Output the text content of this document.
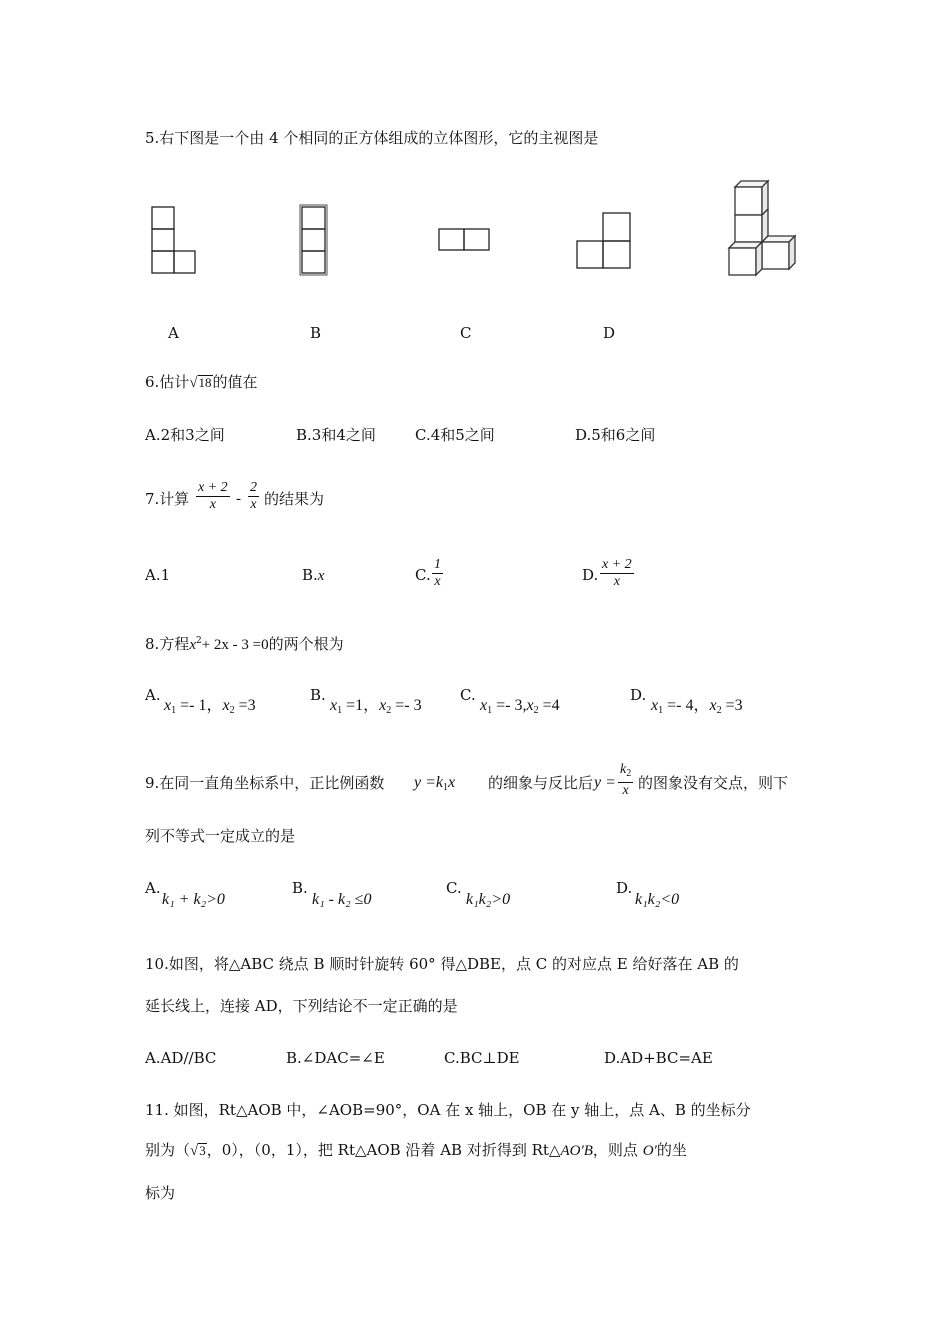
5.右下图是一个由 4 个相同的正方体组成的立体图形，它的主视图是
A	B	C	D
6.估计√18的值在
A.2和3之间	B.3和4之间	C.4和5之间	D.5和6之间
7.计算 $\frac{x + 2}{x} - \frac{2}{x}$ 的结果为
A.1	B.x	C. $\frac{1}{x}$	D. $\frac{x + 2}{x}$
8.方程$x^2+ 2x - 3 =0$的两个根为
A.
$x_1 =- 1$，$x_2 =3$
B.
$x_1 =1$，$x_2 =- 3$
C.
$x_1 =- 3,x_2 =4$
D.
$x_1 =- 4$，$x_2 =3$
9.在同一直角坐标系中，正比例函数 $y =k_1x$ 的细象与反比后 $y = \frac{k_2}{x}$ 的图象没有交点，则下
列不等式一定成立的是
A.
k₁ + k₂>0
B.
k₁ - k₂ ≤0
C.
k₁k₂>0
D.
k₁k₂<0
10.如图，将△ABC 绕点 B 顺时针旋转 60° 得△DBE，点 C 的对应点 E 给好落在 AB 的
延长线上，连接 AD，下列结论不一定正确的是
A.AD//BC	B.∠DAC=∠E	C.BC⊥DE	D.AD+BC=AE
11. 如图，Rt△AOB 中，∠AOB=90°，OA 在 x 轴上，OB 在 y 轴上，点 A、B 的坐标分
别为（√3，0），（0，1），把 Rt△AOB 沿着 AB 对折得到 Rt△AO′B，则点 O′的坐
标为
